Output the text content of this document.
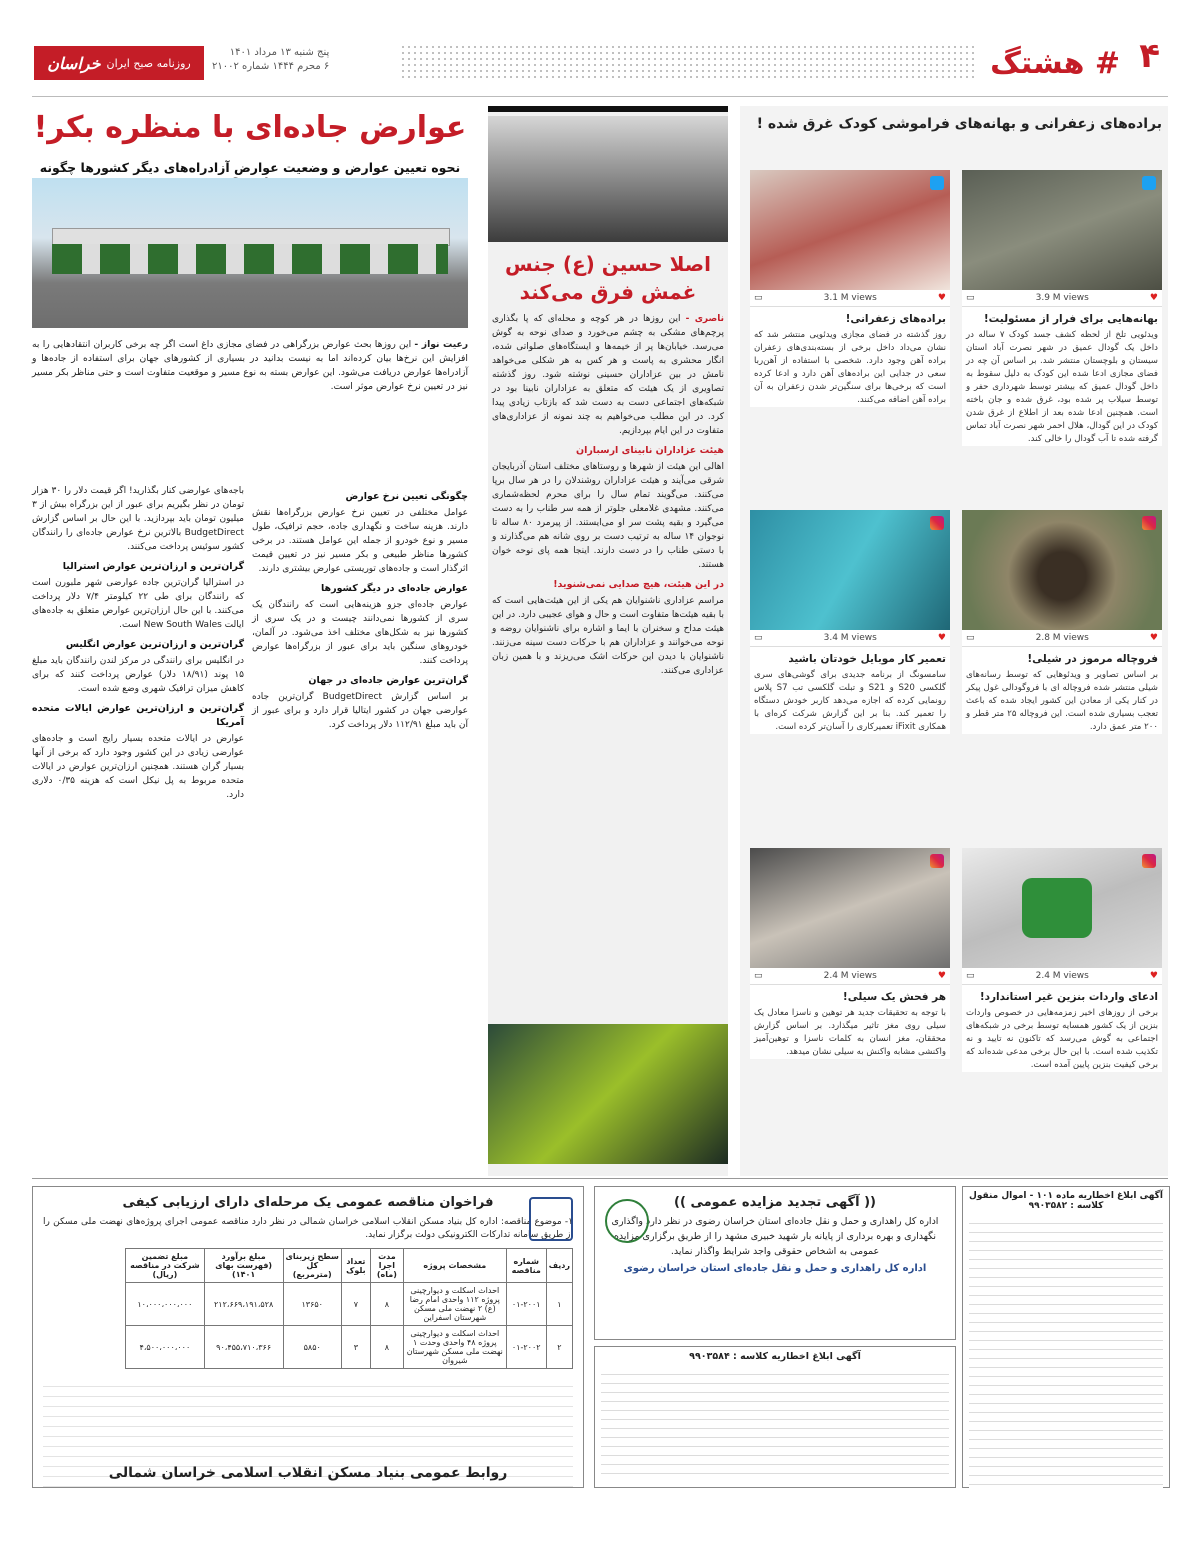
۴
# هشتگ
روزنامه صبح ایران
خراسان
پنج شنبه ۱۳ مرداد ۱۴۰۱
۶ محرم ۱۴۴۴ شماره ۲۱۰۰۲
براده‌های زعفرانی و بهانه‌های فراموشی کودک غرق شده !
▭	3.9 M views	♥
بهانه‌هایی برای فرار از مسئولیت!
ویدئویی تلخ از لحظه کشف جسد کودک ۷ ساله در داخل یک گودال عمیق در شهر نصرت آباد استان سیستان و بلوچستان منتشر شد. بر اساس آن چه در فضای مجازی ادعا شده این کودک به دلیل سقوط به داخل گودال عمیق که بیشتر توسط شهرداری حفر و توسط سیلاب پر شده بود، غرق شده و جان باخته است. همچنین ادعا شده بعد از اطلاع از غرق شدن کودک در این گودال، هلال احمر شهر نصرت آباد تماس گرفته شده تا آب گودال را خالی کند.
▭	3.1 M views	♥
براده‌های زعفرانی!
روز گذشته در فضای مجازی ویدئویی منتشر شد که نشان می‌داد داخل برخی از بسته‌بندی‌های زعفران براده آهن وجود دارد. شخصی با استفاده از آهن‌ربا سعی در جدایی این براده‌های آهن دارد و ادعا کرده است که برخی‌ها برای سنگین‌تر شدن زعفران به آن براده آهن اضافه می‌کنند.
▭	2.8 M views	♥
فروچاله مرموز در شیلی!
بر اساس تصاویر و ویدئوهایی که توسط رسانه‌های شیلی منتشر شده فروچاله ای با فروگودالی غول پیکر در کنار یکی از معادن این کشور ایجاد شده که باعث تعجب بسیاری شده است. این فروچاله ۲۵ متر قطر و ۲۰۰ متر عمق دارد.
▭	3.4 M views	♥
تعمیر کار موبایل خودتان باشید
سامسونگ از برنامه جدیدی برای گوشی‌های سری گلکسی S20 و S21 و تبلت گلکسی تب S7 پلاس رونمایی کرده که اجازه می‌دهد کاربر خودش دستگاه را تعمیر کند. بنا بر این گزارش شرکت کره‌ای با همکاری iFixit تعمیرکاری را آسان‌تر کرده است.
▭	2.4 M views	♥
ادعای واردات بنزین غیر استاندارد!
برخی از روزهای اخیر زمزمه‌هایی در خصوص واردات بنزین از یک کشور همسایه توسط برخی در شبکه‌های اجتماعی به گوش می‌رسد که تاکنون نه تایید و نه تکذیب شده است. با این حال برخی مدعی شده‌اند که برخی کیفیت بنزین پایین آمده است.
▭	2.4 M views	♥
هر فحش یک سیلی!
با توجه به تحقیقات جدید هر توهین و ناسزا معادل یک سیلی روی مغز تاثیر میگذارد. بر اساس گزارش محققان، مغز انسان به کلمات ناسزا و توهین‌آمیز واکنشی مشابه واکنش به سیلی نشان میدهد.
اصلا حسین (ع) جنس غمش فرق می‌کند
ناصری - این روزها در هر کوچه و محله‌ای که پا بگذاری پرچم‌های مشکی به چشم می‌خورد و صدای نوحه به گوش می‌رسد. خیابان‌ها پر از خیمه‌ها و ایستگاه‌های صلواتی شده، انگار محشری به پاست و هر کس به هر شکلی می‌خواهد نامش در بین عزاداران حسینی نوشته شود. روز گذشته تصاویری از یک هیئت که متعلق به عزاداران نابینا بود در شبکه‌های اجتماعی دست به دست شد که بازتاب زیادی پیدا کرد. در این مطلب می‌خواهیم به چند نمونه از عزاداری‌های متفاوت در این ایام بپردازیم.
هیئت عزاداران نابینای ارسباران
اهالی این هیئت از شهرها و روستاهای مختلف استان آذربایجان شرقی می‌آیند و هیئت عزاداران روشندلان را در هر سال برپا می‌کنند. می‌گویند تمام سال را برای محرم لحظه‌شماری می‌کنند. مشهدی غلامعلی جلوتر از همه سر طناب را به دست می‌گیرد و بقیه پشت سر او می‌ایستند. از پیرمرد ۸۰ ساله تا نوجوان ۱۴ ساله به ترتیب دست بر روی شانه هم می‌گذارند و با دستی طناب را در دست دارند. اینجا همه پای نوحه خوان هستند.
در این هیئت، هیچ صدایی نمی‌شنوید!
مراسم عزاداری ناشنوایان هم یکی از این هیئت‌هایی است که با بقیه هیئت‌ها متفاوت است و حال و هوای عجیبی دارد. در این هیئت مداح و سخنران با ایما و اشاره برای ناشنوایان روضه و نوحه می‌خوانند و عزاداران هم با حرکات دست سینه می‌زنند. ناشنوایان با دیدن این حرکات اشک می‌ریزند و با همین زبان عزاداری می‌کنند.
عوارض جاده‌ای با منظره بکر!
نحوه تعیین عوارض و وضعیت عوارض آزادراه‌های دیگر کشورها چگونه
رعیت نواز - این روزها بحث عوارض بزرگراهی در فضای مجازی داغ است اگر چه برخی کاربران انتقادهایی را به افزایش این نرخ‌ها بیان کرده‌اند اما به نیست بدانید در بسیاری از کشورهای جهان برای استفاده از جاده‌ها و آزادراه‌ها عوارض دریافت می‌شود. این عوارض بسته به نوع مسیر و موقعیت متفاوت است و حتی مناظر بکر مسیر نیز در تعیین نرخ عوارض موثر است.
چگونگی تعیین نرخ عوارض
عوامل مختلفی در تعیین نرخ عوارض بزرگراه‌ها نقش دارند. هزینه ساخت و نگهداری جاده، حجم ترافیک، طول مسیر و نوع خودرو از جمله این عوامل هستند. در برخی کشورها مناظر طبیعی و بکر مسیر نیز در تعیین قیمت اثرگذار است و جاده‌های توریستی عوارض بیشتری دارند.
عوارض جاده‌ای در دیگر کشورها
عوارض جاده‌ای جزو هزینه‌هایی است که رانندگان یک سری از کشورها نمی‌دانند چیست و در یک سری از کشورها نیز به شکل‌های مختلف اخذ می‌شود. در آلمان، خودروهای سنگین باید برای عبور از بزرگراه‌ها عوارض پرداخت کنند.
گران‌ترین عوارض جاده‌ای در جهان
بر اساس گزارش BudgetDirect گران‌ترین جاده عوارضی جهان در کشور ایتالیا قرار دارد و برای عبور از آن باید مبلغ ۱۱۲/۹۱ دلار پرداخت کرد.
باجه‌های عوارضی کنار بگذارید! اگر قیمت دلار را ۳۰ هزار تومان در نظر بگیریم برای عبور از این بزرگراه بیش از ۳ میلیون تومان باید بپردازید. با این حال بر اساس گزارش BudgetDirect بالاترین نرخ عوارض جاده‌ای را رانندگان کشور سوئیس پرداخت می‌کنند.
گران‌ترین و ارزان‌ترین عوارض استرالیا
در استرالیا گران‌ترین جاده عوارضی شهر ملبورن است که رانندگان برای طی ۲۲ کیلومتر ۷/۴ دلار پرداخت می‌کنند. با این حال ارزان‌ترین عوارض متعلق به جاده‌های ایالت New South Wales است.
گران‌ترین و ارزان‌ترین عوارض انگلیس
در انگلیس برای رانندگی در مرکز لندن رانندگان باید مبلغ ۱۵ پوند (۱۸/۹۱ دلار) عوارض پرداخت کنند که برای کاهش میزان ترافیک شهری وضع شده است.
گران‌ترین و ارزان‌ترین عوارض ایالات متحده آمریکا
عوارض در ایالات متحده بسیار رایج است و جاده‌های عوارضی زیادی در این کشور وجود دارد که برخی از آنها بسیار گران هستند. همچنین ارزان‌ترین عوارض در ایالات متحده مربوط به پل نیکل است که هزینه ۰/۳۵ دلاری دارد.
فراخوان مناقصه عمومی یک مرحله‌ای دارای ارزیابی کیفی
۱- موضوع مناقصه: اداره کل بنیاد مسکن انقلاب اسلامی خراسان شمالی در نظر دارد مناقصه عمومی اجرای پروژه‌های نهضت ملی مسکن را از طریق سامانه تدارکات الکترونیکی دولت برگزار نماید.
ردیف	شماره مناقصه	مشخصات پروژه	مدت اجرا (ماه)	تعداد بلوک	سطح زیربنای کل (مترمربع)	مبلغ برآورد (فهرست بهای ۱۴۰۱)	مبلغ تضمین شرکت در مناقصه (ریال)
۱	۰۱-۲۰۰۱	احداث اسکلت و دیوارچینی پروژه ۱۱۲ واحدی امام رضا (ع) ۲ نهضت ملی مسکن شهرستان اسفراین	۸	۷	۱۳۶۵۰	۲۱۲،۶۶۹،۱۹۱،۵۲۸	۱۰،۰۰۰،۰۰۰،۰۰۰
۲	۰۱-۲۰۰۲	احداث اسکلت و دیوارچینی پروژه ۴۸ واحدی وحدت ۱ نهضت ملی مسکن شهرستان شیروان	۸	۳	۵۸۵۰	۹۰،۴۵۵،۷۱۰،۳۶۶	۴،۵۰۰،۰۰۰،۰۰۰
روابط عمومی بنیاد مسکن انقلاب اسلامی خراسان شمالی
(( آگهی تجدید مزایده عمومی ))
اداره کل راهداری و حمل و نقل جاده‌ای استان خراسان رضوی در نظر دارد واگذاری نگهداری و بهره برداری از پایانه بار شهید خبیری مشهد را از طریق برگزاری مزایده عمومی به اشخاص حقوقی واجد شرایط واگذار نماید.
اداره کل راهداری و حمل و نقل جاده‌ای استان خراسان رضوی
آگهی ابلاغ اخطاریه کلاسه : ۹۹۰۳۵۸۴
آگهی ابلاغ اخطاریه ماده ۱۰۱ - اموال منقول کلاسه : ۹۹۰۳۵۸۲
